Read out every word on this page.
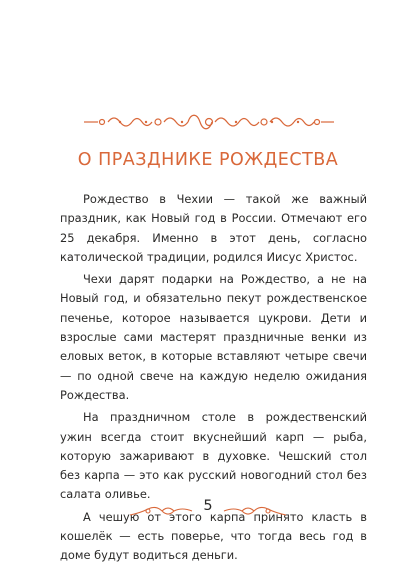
О ПРАЗДНИКЕ РОЖДЕСТВА

Рождество в Чехии — такой же важный праздник, как Новый год в России. Отмечают его 25 декабря. Именно в этот день, согласно католической традиции, родился Иисус Христос.

Чехи дарят подарки на Рождество, а не на Новый год, и обязательно пекут рождественское печенье, которое называется цукрови. Дети и взрослые сами мастерят праздничные венки из еловых веток, в которые вставляют четыре свечи — по одной свече на каждую неделю ожидания Рождества.

На праздничном столе в рождественский ужин всегда стоит вкуснейший карп — рыба, которую зажаривают в духовке. Чешский стол без карпа — это как русский новогодний стол без салата оливье.

А чешую от этого карпа принято класть в кошелёк — есть поверье, что тогда весь год в доме будут водиться деньги.

5
